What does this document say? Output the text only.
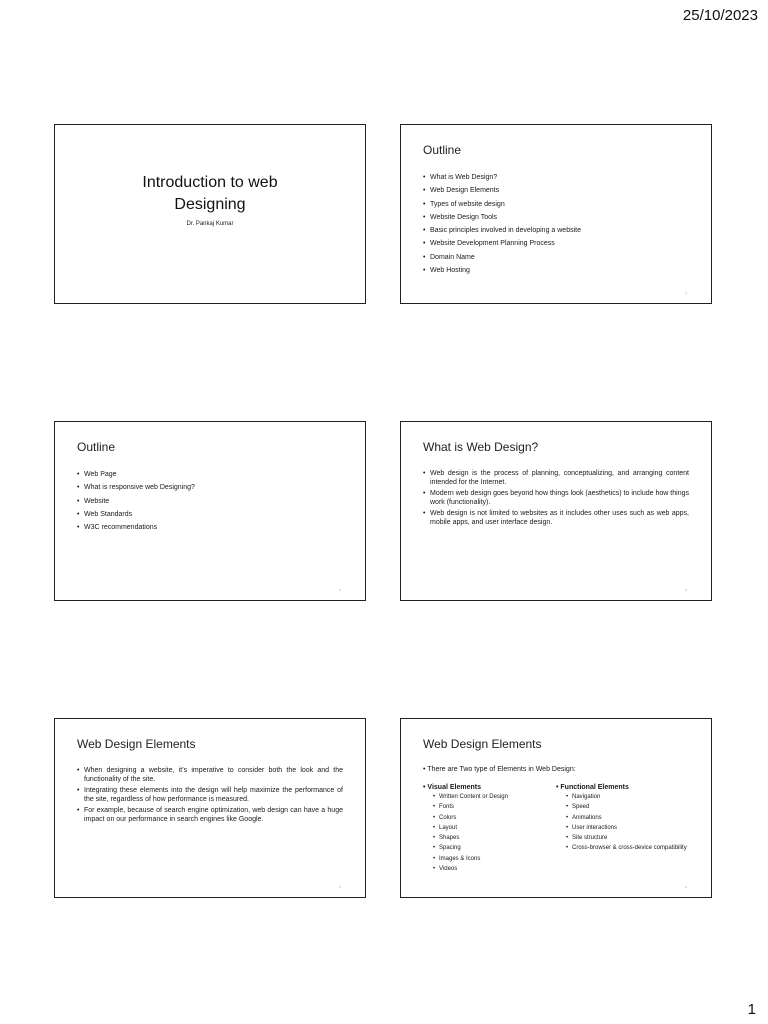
25/10/2023
Introduction to web Designing
Dr. Pankaj Kumar
Outline
• What is Web Design?
• Web Design Elements
• Types of website design
• Website Design Tools
• Basic principles involved in developing a website
• Website Development Planning Process
• Domain Name
• Web Hosting
2
Outline
• Web Page
• What is responsive web Designing?
• Website
• Web Standards
• W3C recommendations
3
What is Web Design?
• Web design is the process of planning, conceptualizing, and arranging content intended for the Internet.
• Modern web design goes beyond how things look (aesthetics) to include how things work (functionality).
• Web design is not limited to websites as it includes other uses such as web apps, mobile apps, and user interface design.
4
Web Design Elements
• When designing a website, it’s imperative to consider both the look and the functionality of the site.
• Integrating these elements into the design will help maximize the performance of the site, regardless of how performance is measured.
• For example, because of search engine optimization, web design can have a huge impact on our performance in search engines like Google.
5
Web Design Elements
• There are Two type of Elements in Web Design:
• Visual Elements
• Written Content or Design
• Fonts
• Colors
• Layout
• Shapes
• Spacing
• Images & Icons
• Videos
• Functional Elements
• Navigation
• Speed
• Animations
• User interactions
• Site structure
• Cross-browser & cross-device compatibility
6
1
